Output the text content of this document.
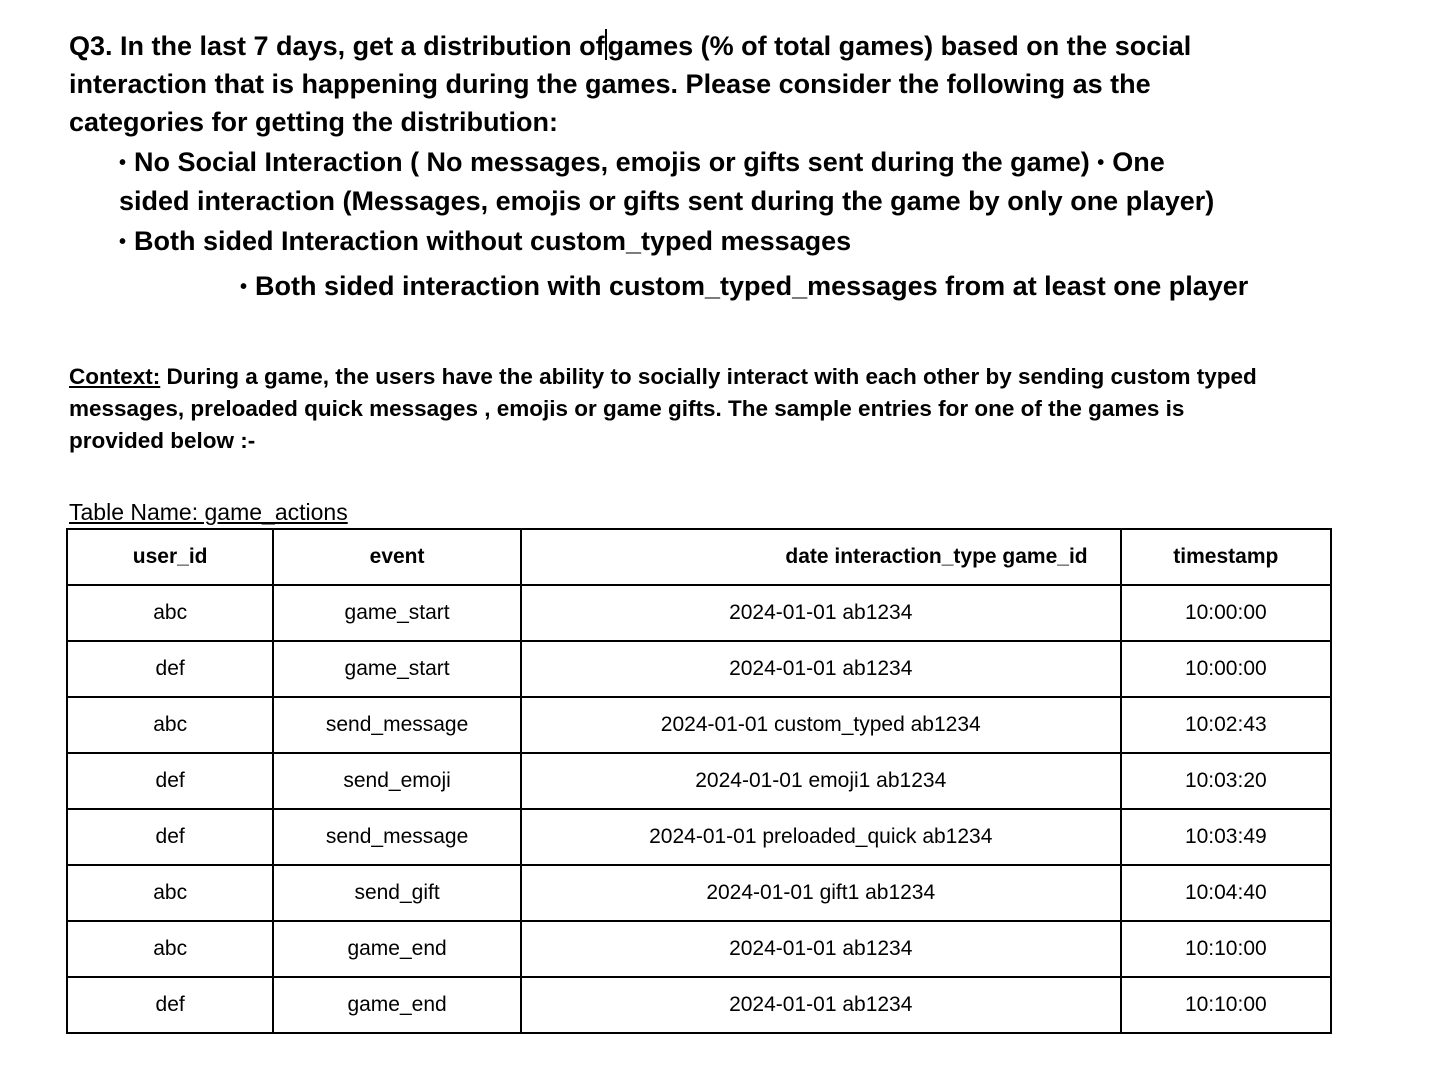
Q3. In the last 7 days, get a distribution of games (% of total games) based on the social
interaction that is happening during the games. Please consider the following as the
categories for getting the distribution:
• No Social Interaction ( No messages, emojis or gifts sent during the game) • One
sided interaction (Messages, emojis or gifts sent during the game by only one player)
• Both sided Interaction without custom_typed messages
• Both sided interaction with custom_typed_messages from at least one player
Context: During a game, the users have the ability to socially interact with each other by sending custom typed
messages, preloaded quick messages , emojis or game gifts. The sample entries for one of the games is
provided below :-
Table Name: game_actions
user_id	event	date interaction_type game_id	timestamp
abc	game_start	2024-01-01 ab1234	10:00:00
def	game_start	2024-01-01 ab1234	10:00:00
abc	send_message	2024-01-01 custom_typed ab1234	10:02:43
def	send_emoji	2024-01-01 emoji1 ab1234	10:03:20
def	send_message	2024-01-01 preloaded_quick ab1234	10:03:49
abc	send_gift	2024-01-01 gift1 ab1234	10:04:40
abc	game_end	2024-01-01 ab1234	10:10:00
def	game_end	2024-01-01 ab1234	10:10:00
